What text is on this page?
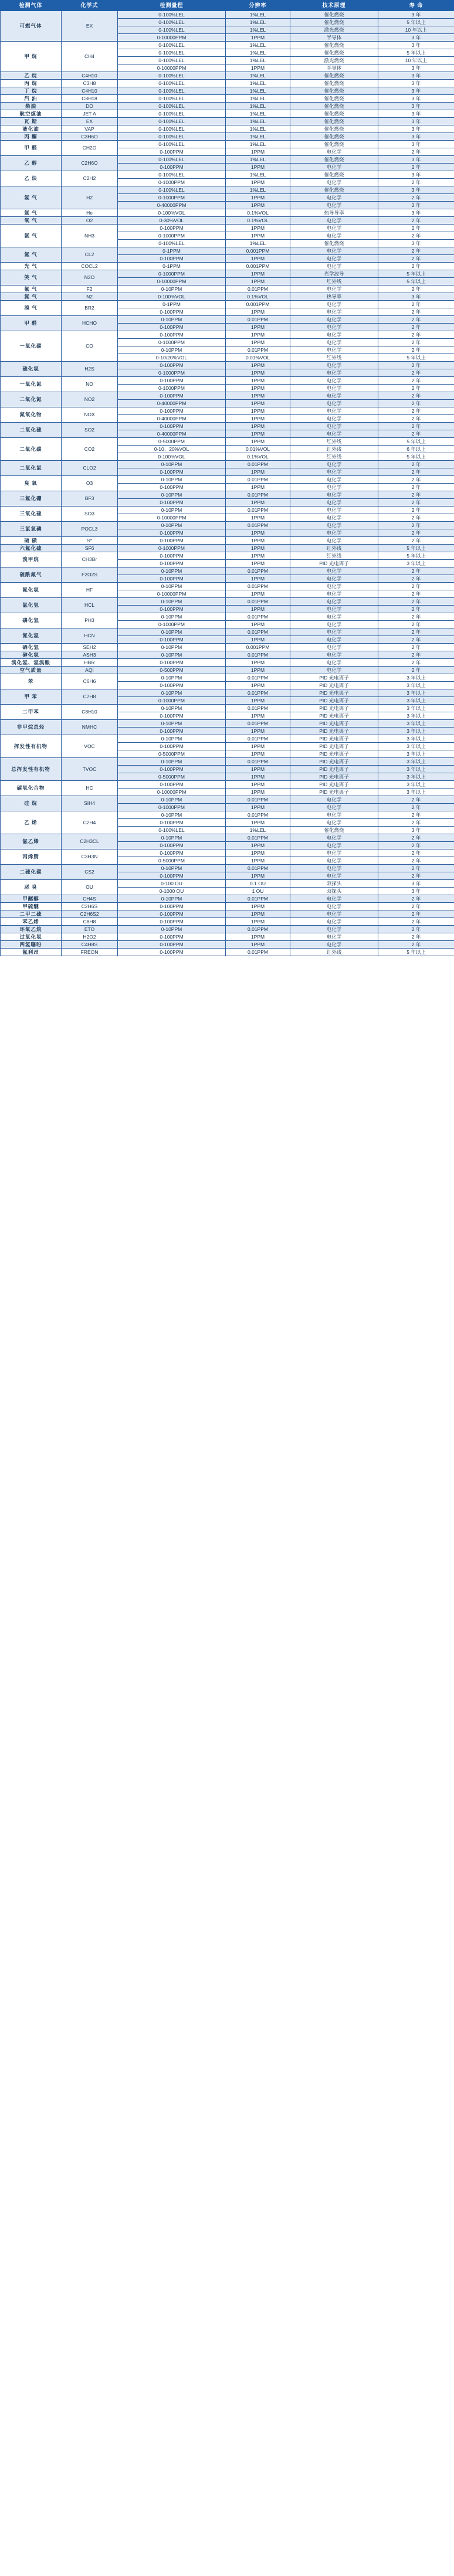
检测气体	化学式	检测量程	分辨率	技术原理	寿 命
可燃气体	EX	0-100%LEL	1%LEL	催化燃烧	3 年
		0-100%LEL	1%LEL	催化燃烧	5 年以上
		0-100%LEL	1%LEL	激光燃烧	10 年以上
		0-10000PPM	1PPM	半导体	3 年
甲 烷	CH4	0-100%LEL	1%LEL	催化燃烧	3 年
		0-100%LEL	1%LEL	催化燃烧	5 年以上
		0-100%LEL	1%LEL	激光燃烧	10 年以上
		0-10000PPM	1PPM	半导体	3 年
乙 烷	C4H10	0-100%LEL	1%LEL	催化燃烧	3 年
丙 烷	C3H8	0-100%LEL	1%LEL	催化燃烧	3 年
丁 烷	C4H10	0-100%LEL	1%LEL	催化燃烧	3 年
汽 油	C8H18	0-100%LEL	1%LEL	催化燃烧	3 年
柴油	DO	0-100%LEL	1%LEL	催化燃烧	3 年
航空煤油	JET A	0-100%LEL	1%LEL	催化燃烧	3 年
瓦 斯	EX	0-100%LEL	1%LEL	催化燃烧	3 年
液化油	VAP	0-100%LEL	1%LEL	催化燃烧	3 年
丙 酮	C3H6O	0-100%LEL	1%LEL	催化燃烧	3 年
甲 醛	CH2O	0-100%LEL	1%LEL	催化燃烧	3 年
		0-100PPM	1PPM	电化学	2 年
乙 醇	C2H6O	0-100%LEL	1%LEL	催化燃烧	3 年
		0-100PPM	1PPM	电化学	2 年
乙 炔	C2H2	0-100%LEL	1%LEL	催化燃烧	3 年
		0-1000PPM	1PPM	电化学	2 年
氢 气	H2	0-100%LEL	1%LEL	催化燃烧	3 年
		0-1000PPM	1PPM	电化学	2 年
		0-40000PPM	1PPM	电化学	2 年
氦 气	He	0-100%VOL	0.1%VOL	热导导率	3 年
氧 气	O2	0-30%VOL	0.1%VOL	电化学	2 年
氨 气	NH3	0-100PPM	1PPM	电化学	2 年
		0-1000PPM	1PPM	电化学	2 年
		0-100%LEL	1%LEL	催化燃烧	3 年
氯 气	CL2	0-1PPM	0.001PPM	电化学	2 年
		0-100PPM	1PPM	电化学	2 年
光 气	COCL2	0-1PPM	0.001PPM	电化学	2 年
笑 气	N2O	0-1000PPM	1PPM	光学波导	5 年以上
		0-10000PPM	1PPM	红外线	5 年以上
氟 气	F2	0-10PPM	0.01PPM	电化学	2 年
氮 气	N2	0-100%VOL	0.1%VOL	热导率	3 年
溴 气	BR2	0-1PPM	0.001PPM	电化学	2 年
		0-100PPM	1PPM	电化学	2 年
甲 醛	HCHO	0-10PPM	0.01PPM	电化学	2 年
		0-100PPM	1PPM	电化学	2 年
一氧化碳	CO	0-100PPM	1PPM	电化学	2 年
		0-1000PPM	1PPM	电化学	2 年
		0-10PPM	0.01PPM	电化学	2 年
		0-10/20%VOL	0.01%VOL	红外线	5 年以上
硫化氢	H2S	0-100PPM	1PPM	电化学	2 年
		0-1000PPM	1PPM	电化学	2 年
一氧化氮	NO	0-100PPM	1PPM	电化学	2 年
		0-1000PPM	1PPM	电化学	2 年
二氧化氮	NO2	0-100PPM	1PPM	电化学	2 年
		0-40000PPM	1PPM	电化学	2 年
氮氧化物	NOX	0-100PPM	1PPM	电化学	2 年
		0-40000PPM	1PPM	电化学	2 年
二氧化硫	SO2	0-100PPM	1PPM	电化学	2 年
		0-40000PPM	1PPM	电化学	2 年
二氧化碳	CO2	0-5000PPM	1PPM	红外线	5 年以上
		0-10、20%VOL	0.01%VOL	红外线	6 年以上
		0-100%VOL	0.1%VOL	红外线	5 年以上
二氧化氯	CLO2	0-10PPM	0.01PPM	电化学	2 年
		0-100PPM	1PPM	电化学	2 年
臭 氧	O3	0-10PPM	0.01PPM	电化学	2 年
		0-100PPM	1PPM	电化学	2 年
三氟化硼	BF3	0-10PPM	0.01PPM	电化学	2 年
		0-100PPM	1PPM	电化学	2 年
三氧化硫	SO3	0-10PPM	0.01PPM	电化学	2 年
		0-10000PPM	1PPM	电化学	2 年
三氯氧磷	POCL3	0-10PPM	0.01PPM	电化学	2 年
		0-100PPM	1PPM	电化学	2 年
硫 磺	S*	0-100PPM	1PPM	电化学	2 年
六氟化硫	SF6	0-1000PPM	1PPM	红外线	5 年以上
溴甲烷	CH3Br	0-100PPM	1PPM	红外线	5 年以上
		0-100PPM	1PPM	PID 光电离子	3 年以上
硫酰氟气	F2O2S	0-10PPM	0.01PPM	电化学	2 年
		0-100PPM	1PPM	电化学	2 年
氟化氢	HF	0-10PPM	0.01PPM	电化学	2 年
		0-10000PPM	1PPM	电化学	2 年
氯化氢	HCL	0-10PPM	0.01PPM	电化学	2 年
		0-100PPM	1PPM	电化学	2 年
磷化氢	PH3	0-10PPM	0.01PPM	电化学	2 年
		0-1000PPM	1PPM	电化学	2 年
氰化氢	HCN	0-10PPM	0.01PPM	电化学	2 年
		0-100PPM	1PPM	电化学	2 年
硒化氢	SEH2	0-10PPM	0.001PPM	电化学	2 年
砷化氢	ASH3	0-10PPM	0.01PPM	电化学	2 年
溴化氢、氢溴酸	HBR	0-100PPM	1PPM	电化学	2 年
空气质量	AQI	0-500PPM	1PPM	电化学	2 年
苯	C6H6	0-10PPM	0.01PPM	PID 光电离子	3 年以上
		0-100PPM	1PPM	PID 光电离子	3 年以上
甲 苯	C7H8	0-10PPM	0.01PPM	PID 光电离子	3 年以上
		0-1000PPM	1PPM	PID 光电离子	3 年以上
二甲苯	C8H10	0-10PPM	0.01PPM	PID 光电离子	3 年以上
		0-100PPM	1PPM	PID 光电离子	3 年以上
非甲烷总烃	NMHC	0-10PPM	0.01PPM	PID 光电离子	3 年以上
		0-100PPM	1PPM	PID 光电离子	3 年以上
挥发性有机物	VOC	0-10PPM	0.01PPM	PID 光电离子	3 年以上
		0-100PPM	1PPM	PID 光电离子	3 年以上
		0-5000PPM	1PPM	PID 光电离子	3 年以上
总挥发性有机物	TVOC	0-10PPM	0.01PPM	PID 光电离子	3 年以上
		0-100PPM	1PPM	PID 光电离子	3 年以上
		0-5000PPM	1PPM	PID 光电离子	3 年以上
碳氢化合物	HC	0-100PPM	1PPM	PID 光电离子	3 年以上
		0-10000PPM	1PPM	PID 光电离子	3 年以上
硅 烷	SIH4	0-10PPM	0.01PPM	电化学	2 年
		0-1000PPM	1PPM	电化学	2 年
乙 烯	C2H4	0-10PPM	0.01PPM	电化学	2 年
		0-100PPM	1PPM	电化学	2 年
		0-100%LEL	1%LEL	催化燃烧	3 年
氯乙烯	C2H3CL	0-10PPM	0.01PPM	电化学	2 年
		0-100PPM	1PPM	电化学	2 年
丙烯腈	C3H3N	0-100PPM	1PPM	电化学	2 年
		0-5000PPM	1PPM	电化学	2 年
二硫化碳	CS2	0-10PPM	0.01PPM	电化学	2 年
		0-100PPM	1PPM	电化学	2 年
恶 臭	OU	0-100 OU	0.1 OU	双探头	3 年
		0-1000 OU	1 OU	双探头	3 年
甲醚醇	CH4S	0-10PPM	0.01PPM	电化学	2 年
甲硫醚	C2H6S	0-100PPM	1PPM	电化学	2 年
二甲二硫	C2H6S2	0-100PPM	1PPM	电化学	2 年
苯乙烯	C8H8	0-100PPM	1PPM	电化学	2 年
环氧乙烷	ETO	0-10PPM	0.01PPM	电化学	2 年
过氧化氢	H2O2	0-100PPM	1PPM	电化学	2 年
四氢噻吩	C4H8S	0-100PPM	1PPM	电化学	2 年
氟利昂	FREON	0-100PPM	0.01PPM	红外线	5 年以上
